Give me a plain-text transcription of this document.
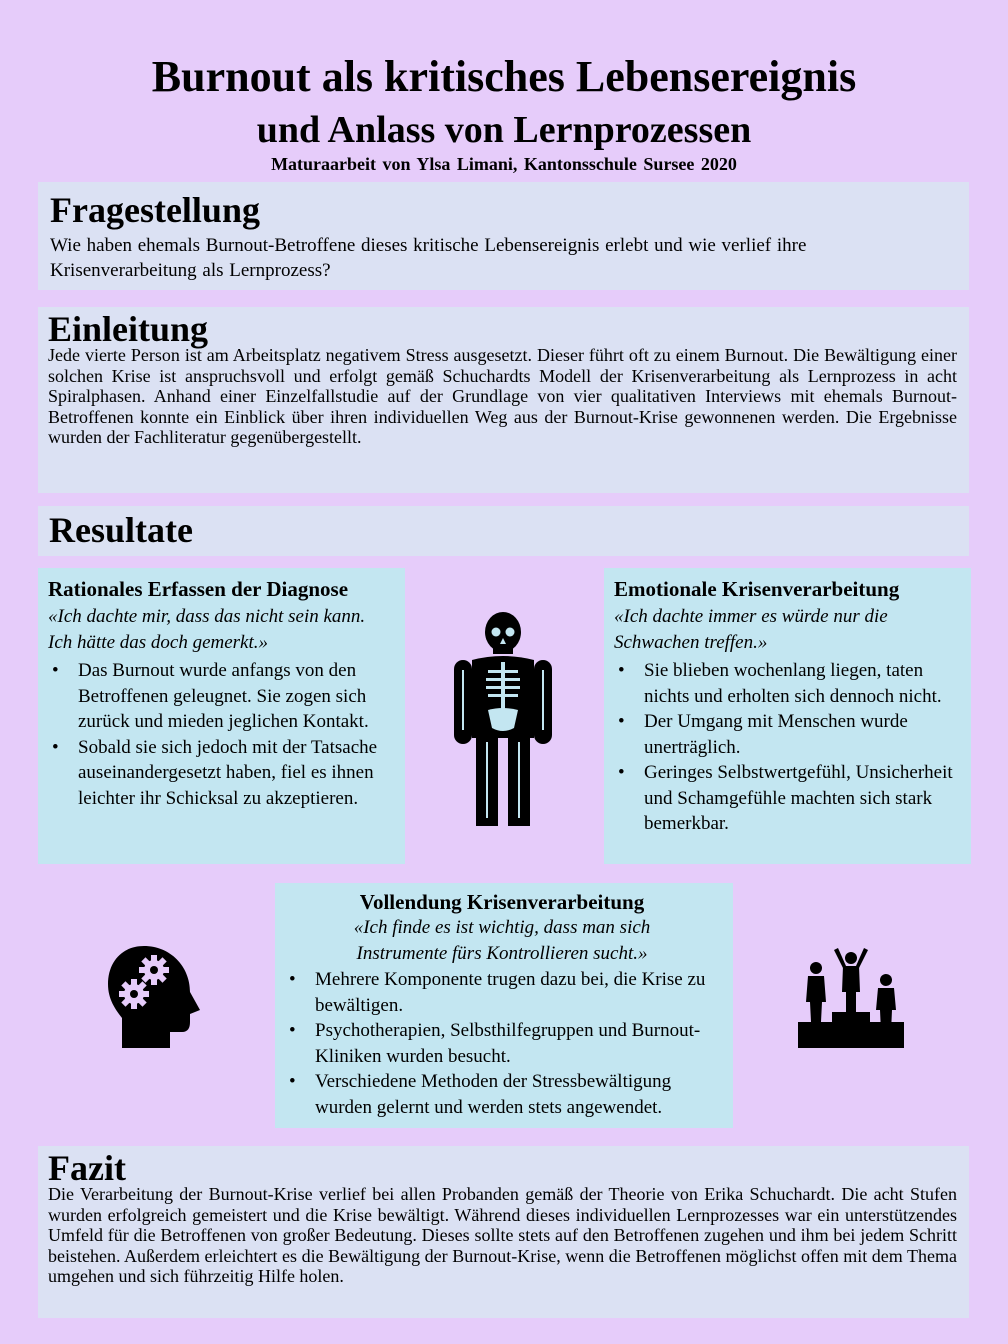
Burnout als kritisches Lebensereignis
und Anlass von Lernprozessen
Maturaarbeit von Ylsa Limani, Kantonsschule Sursee 2020
Fragestellung
Wie haben ehemals Burnout-Betroffene dieses kritische Lebensereignis erlebt und wie verlief ihre Krisenverarbeitung als Lernprozess?
Einleitung
Jede vierte Person ist am Arbeitsplatz negativem Stress ausgesetzt. Dieser führt oft zu einem Burnout. Die Bewältigung einer solchen Krise ist anspruchsvoll und erfolgt gemäß Schuchardts Modell der Krisenverarbeitung als Lernprozess in acht Spiralphasen. Anhand einer Einzelfallstudie auf der Grundlage von vier qualitativen Interviews mit ehemals Burnout-Betroffenen konnte ein Einblick über ihren individuellen Weg aus der Burnout-Krise gewonnenen werden. Die Ergebnisse wurden der Fachliteratur gegenübergestellt.
Resultate
Rationales Erfassen der Diagnose
«Ich dachte mir, dass das nicht sein kann. Ich hätte das doch gemerkt.»
• Das Burnout wurde anfangs von den Betroffenen geleugnet. Sie zogen sich zurück und mieden jeglichen Kontakt.
• Sobald sie sich jedoch mit der Tatsache auseinandergesetzt haben, fiel es ihnen leichter ihr Schicksal zu akzeptieren.
Emotionale Krisenverarbeitung
«Ich dachte immer es würde nur die Schwachen treffen.»
• Sie blieben wochenlang liegen, taten nichts und erholten sich dennoch nicht.
• Der Umgang mit Menschen wurde unerträglich.
• Geringes Selbstwertgefühl, Unsicherheit und Schamgefühle machten sich stark bemerkbar.
Vollendung Krisenverarbeitung
«Ich finde es ist wichtig, dass man sich
Instrumente fürs Kontrollieren sucht.»
• Mehrere Komponente trugen dazu bei, die Krise zu bewältigen.
• Psychotherapien, Selbsthilfegruppen und Burnout-Kliniken wurden besucht.
• Verschiedene Methoden der Stressbewältigung wurden gelernt und werden stets angewendet.
Fazit
Die Verarbeitung der Burnout-Krise verlief bei allen Probanden gemäß der Theorie von Erika Schuchardt. Die acht Stufen wurden erfolgreich gemeistert und die Krise bewältigt. Während dieses individuellen Lernprozesses war ein unterstützendes Umfeld für die Betroffenen von großer Bedeutung. Dieses sollte stets auf den Betroffenen zugehen und ihm bei jedem Schritt beistehen. Außerdem erleichtert es die Bewältigung der Burnout-Krise, wenn die Betroffenen möglichst offen mit dem Thema umgehen und sich führzeitig Hilfe holen.
